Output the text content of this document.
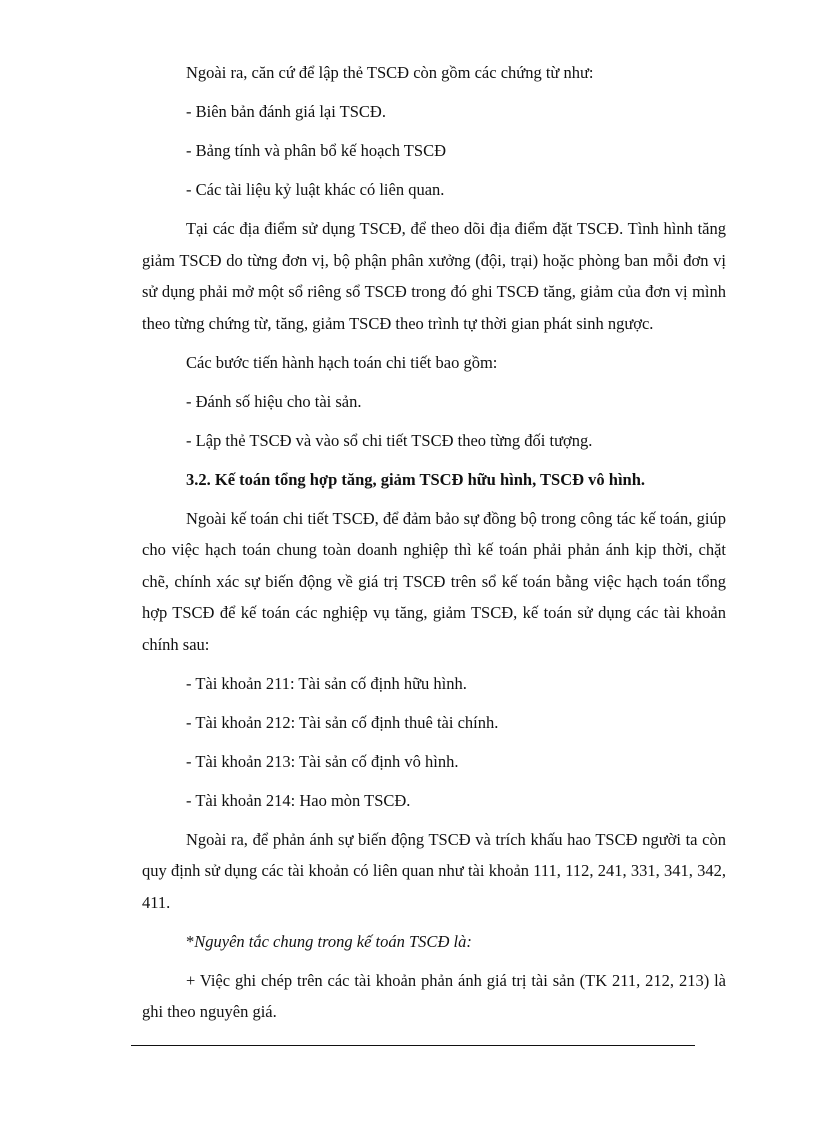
Ngoài ra, căn cứ để lập thẻ TSCĐ còn gồm các chứng từ như:

- Biên bản đánh giá lại TSCĐ.

- Bảng tính và phân bổ kế hoạch TSCĐ

- Các tài liệu kỷ luật khác có liên quan.

Tại các địa điểm sử dụng TSCĐ, để theo dõi địa điểm đặt TSCĐ. Tình hình tăng giảm TSCĐ do từng đơn vị, bộ phận phân xưởng (đội, trại) hoặc phòng ban mỗi đơn vị sử dụng phải mở một sổ riêng sổ TSCĐ trong đó ghi TSCĐ tăng, giảm của đơn vị mình theo từng chứng từ, tăng, giảm TSCĐ theo trình tự thời gian phát sinh ngược.

Các bước tiến hành hạch toán chi tiết bao gồm:

- Đánh số hiệu cho tài sản.

- Lập thẻ TSCĐ và vào sổ chi tiết TSCĐ theo từng đối tượng.

3.2. Kế toán tổng hợp tăng, giảm TSCĐ hữu hình, TSCĐ vô hình.

Ngoài kế toán chi tiết TSCĐ, để đảm bảo sự đồng bộ trong công tác kế toán, giúp cho việc hạch toán chung toàn doanh nghiệp thì kế toán phải phản ánh kịp thời, chặt chẽ, chính xác sự biến động về giá trị TSCĐ trên sổ kế toán bằng việc hạch toán tổng hợp TSCĐ để kế toán các nghiệp vụ tăng, giảm TSCĐ, kế toán sử dụng các tài khoản chính sau:

- Tài khoản 211: Tài sản cố định hữu hình.

- Tài khoản 212: Tài sản cố định thuê tài chính.

- Tài khoản 213: Tài sản cố định vô hình.

- Tài khoản 214: Hao mòn TSCĐ.

Ngoài ra, để phản ánh sự biến động TSCĐ và trích khấu hao TSCĐ người ta còn quy định sử dụng các tài khoản có liên quan như tài khoản 111, 112, 241, 331, 341, 342, 411.

*Nguyên tắc chung trong kế toán TSCĐ là:

+ Việc ghi chép trên các tài khoản phản ánh giá trị tài sản (TK 211, 212, 213) là ghi theo nguyên giá.
